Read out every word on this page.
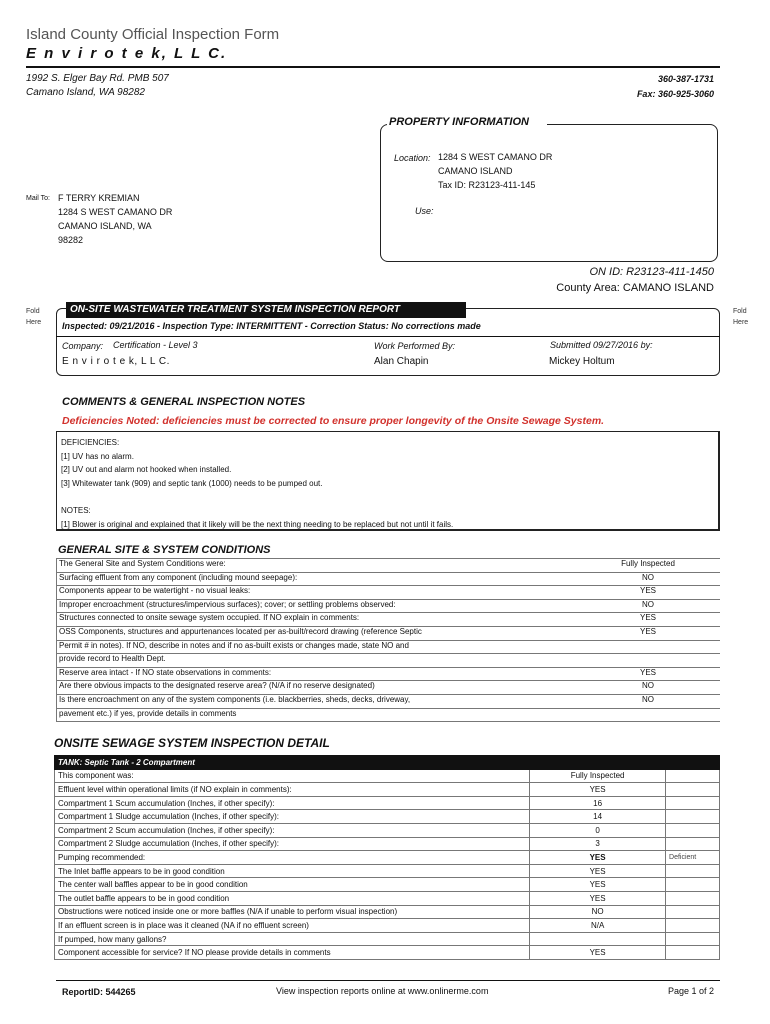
Island County Official Inspection Form
E n v i r o t e k, L L C.
1992 S. Elger Bay Rd. PMB 507
Camano Island, WA 98282
360-387-1731
Fax: 360-925-3060
PROPERTY INFORMATION
Location: 1284 S WEST CAMANO DR
CAMANO ISLAND
Tax ID: R23123-411-145
Use:
Mail To: F TERRY KREMIAN
1284 S WEST CAMANO DR
CAMANO ISLAND, WA
98282
ON ID: R23123-411-1450
County Area: CAMANO ISLAND
Fold
Here
Fold
Here
ON-SITE WASTEWATER TREATMENT SYSTEM INSPECTION REPORT
Inspected: 09/21/2016 - Inspection Type: INTERMITTENT - Correction Status: No corrections made
Company: Certification - Level 3
E n v i r o t e k, L L C.
Work Performed By:
Alan Chapin
Submitted 09/27/2016 by:
Mickey Holtum
COMMENTS & GENERAL INSPECTION NOTES
Deficiencies Noted: deficiencies must be corrected to ensure proper longevity of the Onsite Sewage System.
DEFICIENCIES:
[1] UV has no alarm.
[2] UV out and alarm not hooked when installed.
[3] Whitewater tank (909) and septic tank (1000) needs to be pumped out.
NOTES:
[1] Blower is original and explained that it likely will be the next thing needing to be replaced but not until it fails.
GENERAL SITE & SYSTEM CONDITIONS
The General Site and System Conditions were:	Fully Inspected
Surfacing effluent from any component (including mound seepage):	NO
Components appear to be watertight - no visual leaks:	YES
Improper encroachment (structures/impervious surfaces); cover; or settling problems observed:	NO
Structures connected to onsite sewage system occupied. If NO explain in comments:	YES
OSS Components, structures and appurtenances located per as-built/record drawing (reference Septic	YES
Permit # in notes). If NO, describe in notes and if no as-built exists or changes made, state NO and	
provide record to Health Dept.	
Reserve area intact - If NO state observations in comments:	YES
Are there obvious impacts to the designated reserve area? (N/A if no reserve designated)	NO
Is there encroachment on any of the system components (i.e. blackberries, sheds, decks, driveway,	NO
pavement etc.) if yes, provide details in comments	
ONSITE SEWAGE SYSTEM INSPECTION DETAIL
TANK: Septic Tank - 2 Compartment		
This component was:	Fully Inspected	
Effluent level within operational limits (if NO explain in comments):	YES	
Compartment 1 Scum accumulation (Inches, if other specify):	16	
Compartment 1 Sludge accumulation (Inches, if other specify):	14	
Compartment 2 Scum accumulation (Inches, if other specify):	0	
Compartment 2 Sludge accumulation (Inches, if other specify):	3	
Pumping recommended:	YES	Deficient
The Inlet baffle appears to be in good condition	YES	
The center wall baffles appear to be in good condition	YES	
The outlet baffle appears to be in good condition	YES	
Obstructions were noticed inside one or more baffles (N/A if unable to perform visual inspection)	NO	
If an effluent screen is in place was it cleaned (NA if no effluent screen)	N/A	
If pumped, how many gallons?		
Component accessible for service? If NO please provide details in comments	YES	
ReportID: 544265	View inspection reports online at www.onlinerme.com	Page 1 of 2
